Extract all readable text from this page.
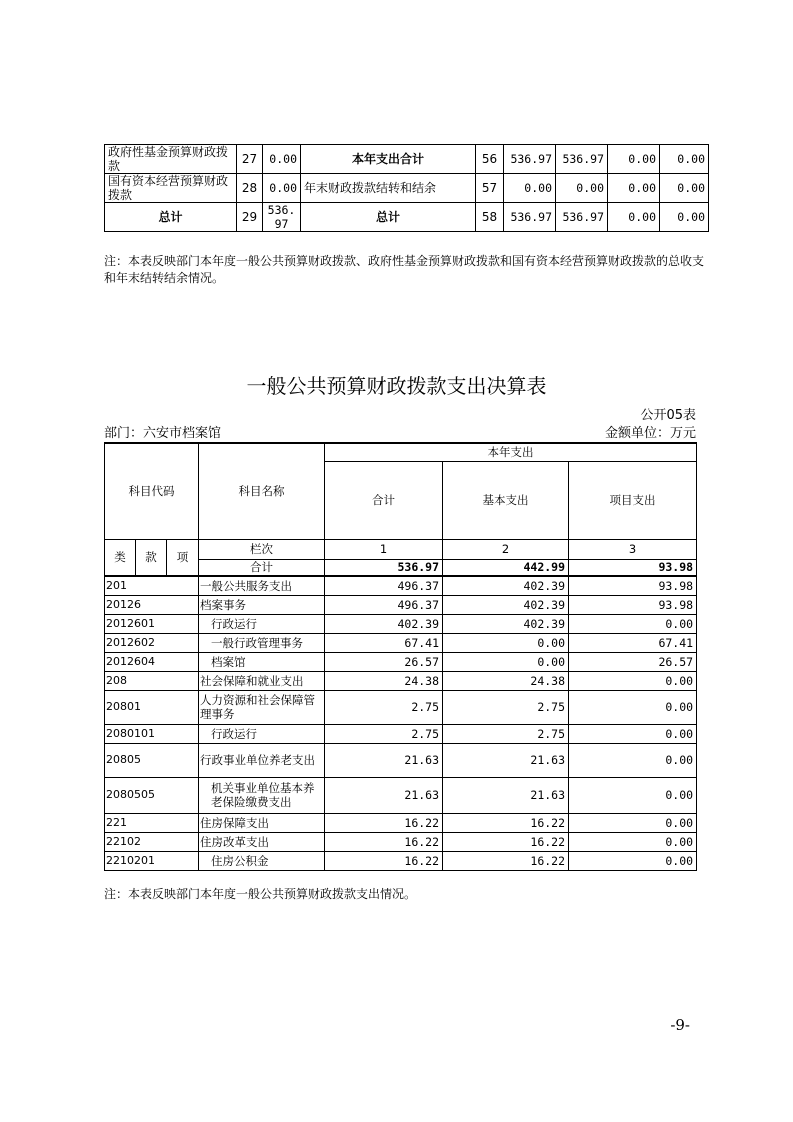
政府性基金预算财政拨款	27	0.00	本年支出合计	56	536.97	536.97	0.00	0.00
国有资本经营预算财政拨款	28	0.00	年末财政拨款结转和结余	57	0.00	0.00	0.00	0.00
总计	29	536.97	总计	58	536.97	536.97	0.00	0.00
注：本表反映部门本年度一般公共预算财政拨款、政府性基金预算财政拨款和国有资本经营预算财政拨款的总收支和年末结转结余情况。
一般公共预算财政拨款支出决算表
公开05表
部门：六安市档案馆	金额单位：万元
科目代码			科目名称	本年支出		
				合计	基本支出	项目支出

类	款	项	栏次	1	2	3
			合计	536.97	442.99	93.98
201			一般公共服务支出	496.37	402.39	93.98
20126			档案事务	496.37	402.39	93.98
2012601			行政运行	402.39	402.39	0.00
2012602			一般行政管理事务	67.41	0.00	67.41
2012604			档案馆	26.57	0.00	26.57
208			社会保障和就业支出	24.38	24.38	0.00
20801			人力资源和社会保障管理事务	2.75	2.75	0.00
2080101			行政运行	2.75	2.75	0.00
20805			行政事业单位养老支出	21.63	21.63	0.00
2080505			机关事业单位基本养老保险缴费支出	21.63	21.63	0.00
221			住房保障支出	16.22	16.22	0.00
22102			住房改革支出	16.22	16.22	0.00
2210201			住房公积金	16.22	16.22	0.00
注：本表反映部门本年度一般公共预算财政拨款支出情况。
-9-
